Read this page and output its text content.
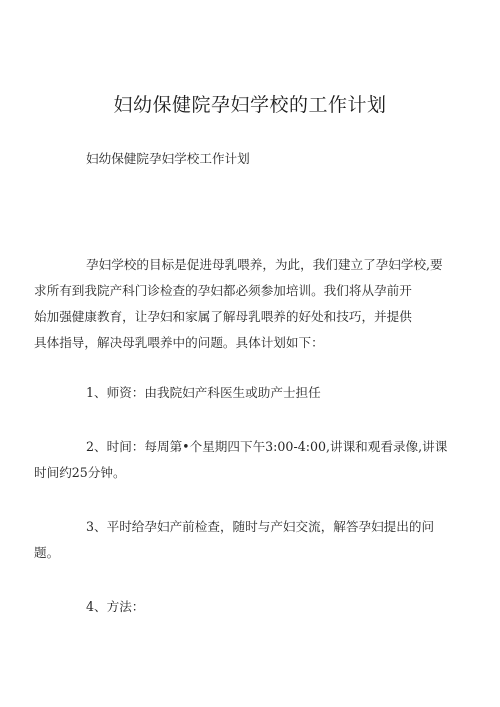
妇幼保健院孕妇学校的工作计划

妇幼保健院孕妇学校工作计划

孕妇学校的目标是促进母乳喂养，为此，我们建立了孕妇学校,要
求所有到我院产科门诊检查的孕妇都必须参加培训。我们将从孕前开
始加强健康教育，让孕妇和家属了解母乳喂养的好处和技巧，并提供
具体指导，解决母乳喂养中的问题。具体计划如下：

1、师资：由我院妇产科医生或助产士担任

2、时间：每周第•个星期四下午3:00-4:00,讲课和观看录像,讲课
时间约25分钟。

3、平时给孕妇产前检查，随时与产妇交流，解答孕妇提出的问
题。

4、方法：
